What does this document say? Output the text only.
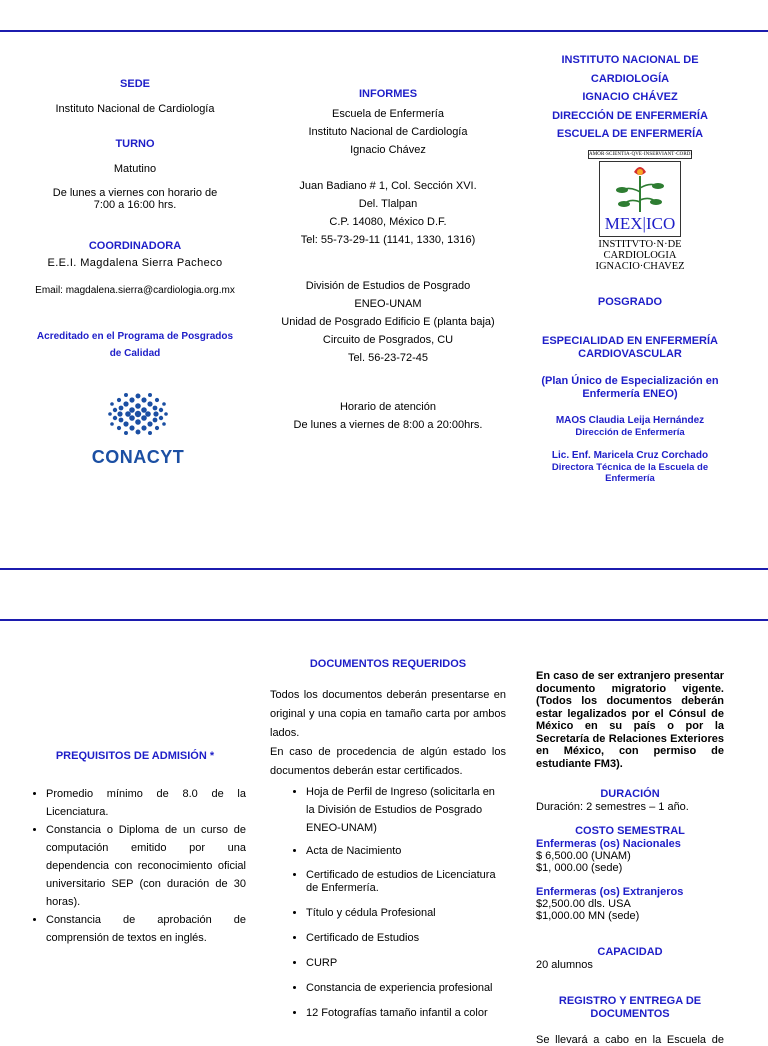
SEDE

Instituto Nacional de Cardiología

TURNO

Matutino

De lunes a viernes con horario de

7:00 a 16:00 hrs.

COORDINADORA

E.E.I. Magdalena Sierra Pacheco

Email: magdalena.sierra@cardiologia.org.mx

Acreditado en el Programa de Posgrados

de Calidad

CONACYT

INFORMES

Escuela de Enfermería

Instituto Nacional de Cardiología

Ignacio Chávez

Juan Badiano # 1, Col. Sección XVI.

Del. Tlalpan

C.P. 14080, México D.F.

Tel: 55-73-29-11 (1141, 1330, 1316)

División de Estudios de Posgrado

ENEO-UNAM

Unidad de Posgrado Edificio E (planta baja)

Circuito de Posgrados, CU

Tel. 56-23-72-45

Horario de atención

De lunes a viernes de 8:00 a 20:00hrs.

INSTITUTO NACIONAL DE

CARDIOLOGÍA

IGNACIO CHÁVEZ

DIRECCIÓN DE ENFERMERÍA

ESCUELA DE ENFERMERÍA

AMOR·SCIENTIA·QVE·INSERVIANT·CORDI
MEX|ICO

INSTITVTO·N·DE

CARDIOLOGIA

IGNACIO·CHAVEZ

POSGRADO

ESPECIALIDAD EN ENFERMERÍA

CARDIOVASCULAR

(Plan Único de Especialización en

Enfermería ENEO)

MAOS Claudia Leija Hernández

Dirección de Enfermería

Lic. Enf. Maricela Cruz Corchado

Directora Técnica de la Escuela de

Enfermería

PREQUISITOS DE ADMISIÓN *

• Promedio mínimo de 8.0 de la Licenciatura.
• Constancia o Diploma de un curso de computación emitido por una dependencia con reconocimiento oficial universitario SEP (con duración de 30 horas).
• Constancia de aprobación de comprensión de textos en inglés.

DOCUMENTOS REQUERIDOS

Todos los documentos deberán presentarse en original y una copia en tamaño carta por ambos lados.

En caso de procedencia de algún estado los documentos deberán estar certificados.

• Hoja de Perfil de Ingreso (solicitarla en la División de Estudios de Posgrado ENEO-UNAM)
• Acta de Nacimiento
• Certificado de estudios de Licenciatura de Enfermería.
• Título y cédula Profesional
• Certificado de Estudios
• CURP
• Constancia de experiencia profesional
• 12 Fotografías tamaño infantil a color

En caso de ser extranjero presentar documento migratorio vigente. (Todos los documentos deberán estar legalizados por el Cónsul de México en su país o por la Secretaría de Relaciones Exteriores en México, con permiso de estudiante FM3).

DURACIÓN

Duración: 2 semestres – 1 año.

COSTO SEMESTRAL

Enfermeras (os) Nacionales

$ 6,500.00 (UNAM)

$1, 000.00 (sede)

Enfermeras (os) Extranjeros

$2,500.00 dls. USA

$1,000.00 MN (sede)

CAPACIDAD

20 alumnos

REGISTRO Y ENTREGA DE

DOCUMENTOS

Se llevará a cabo en la Escuela de
